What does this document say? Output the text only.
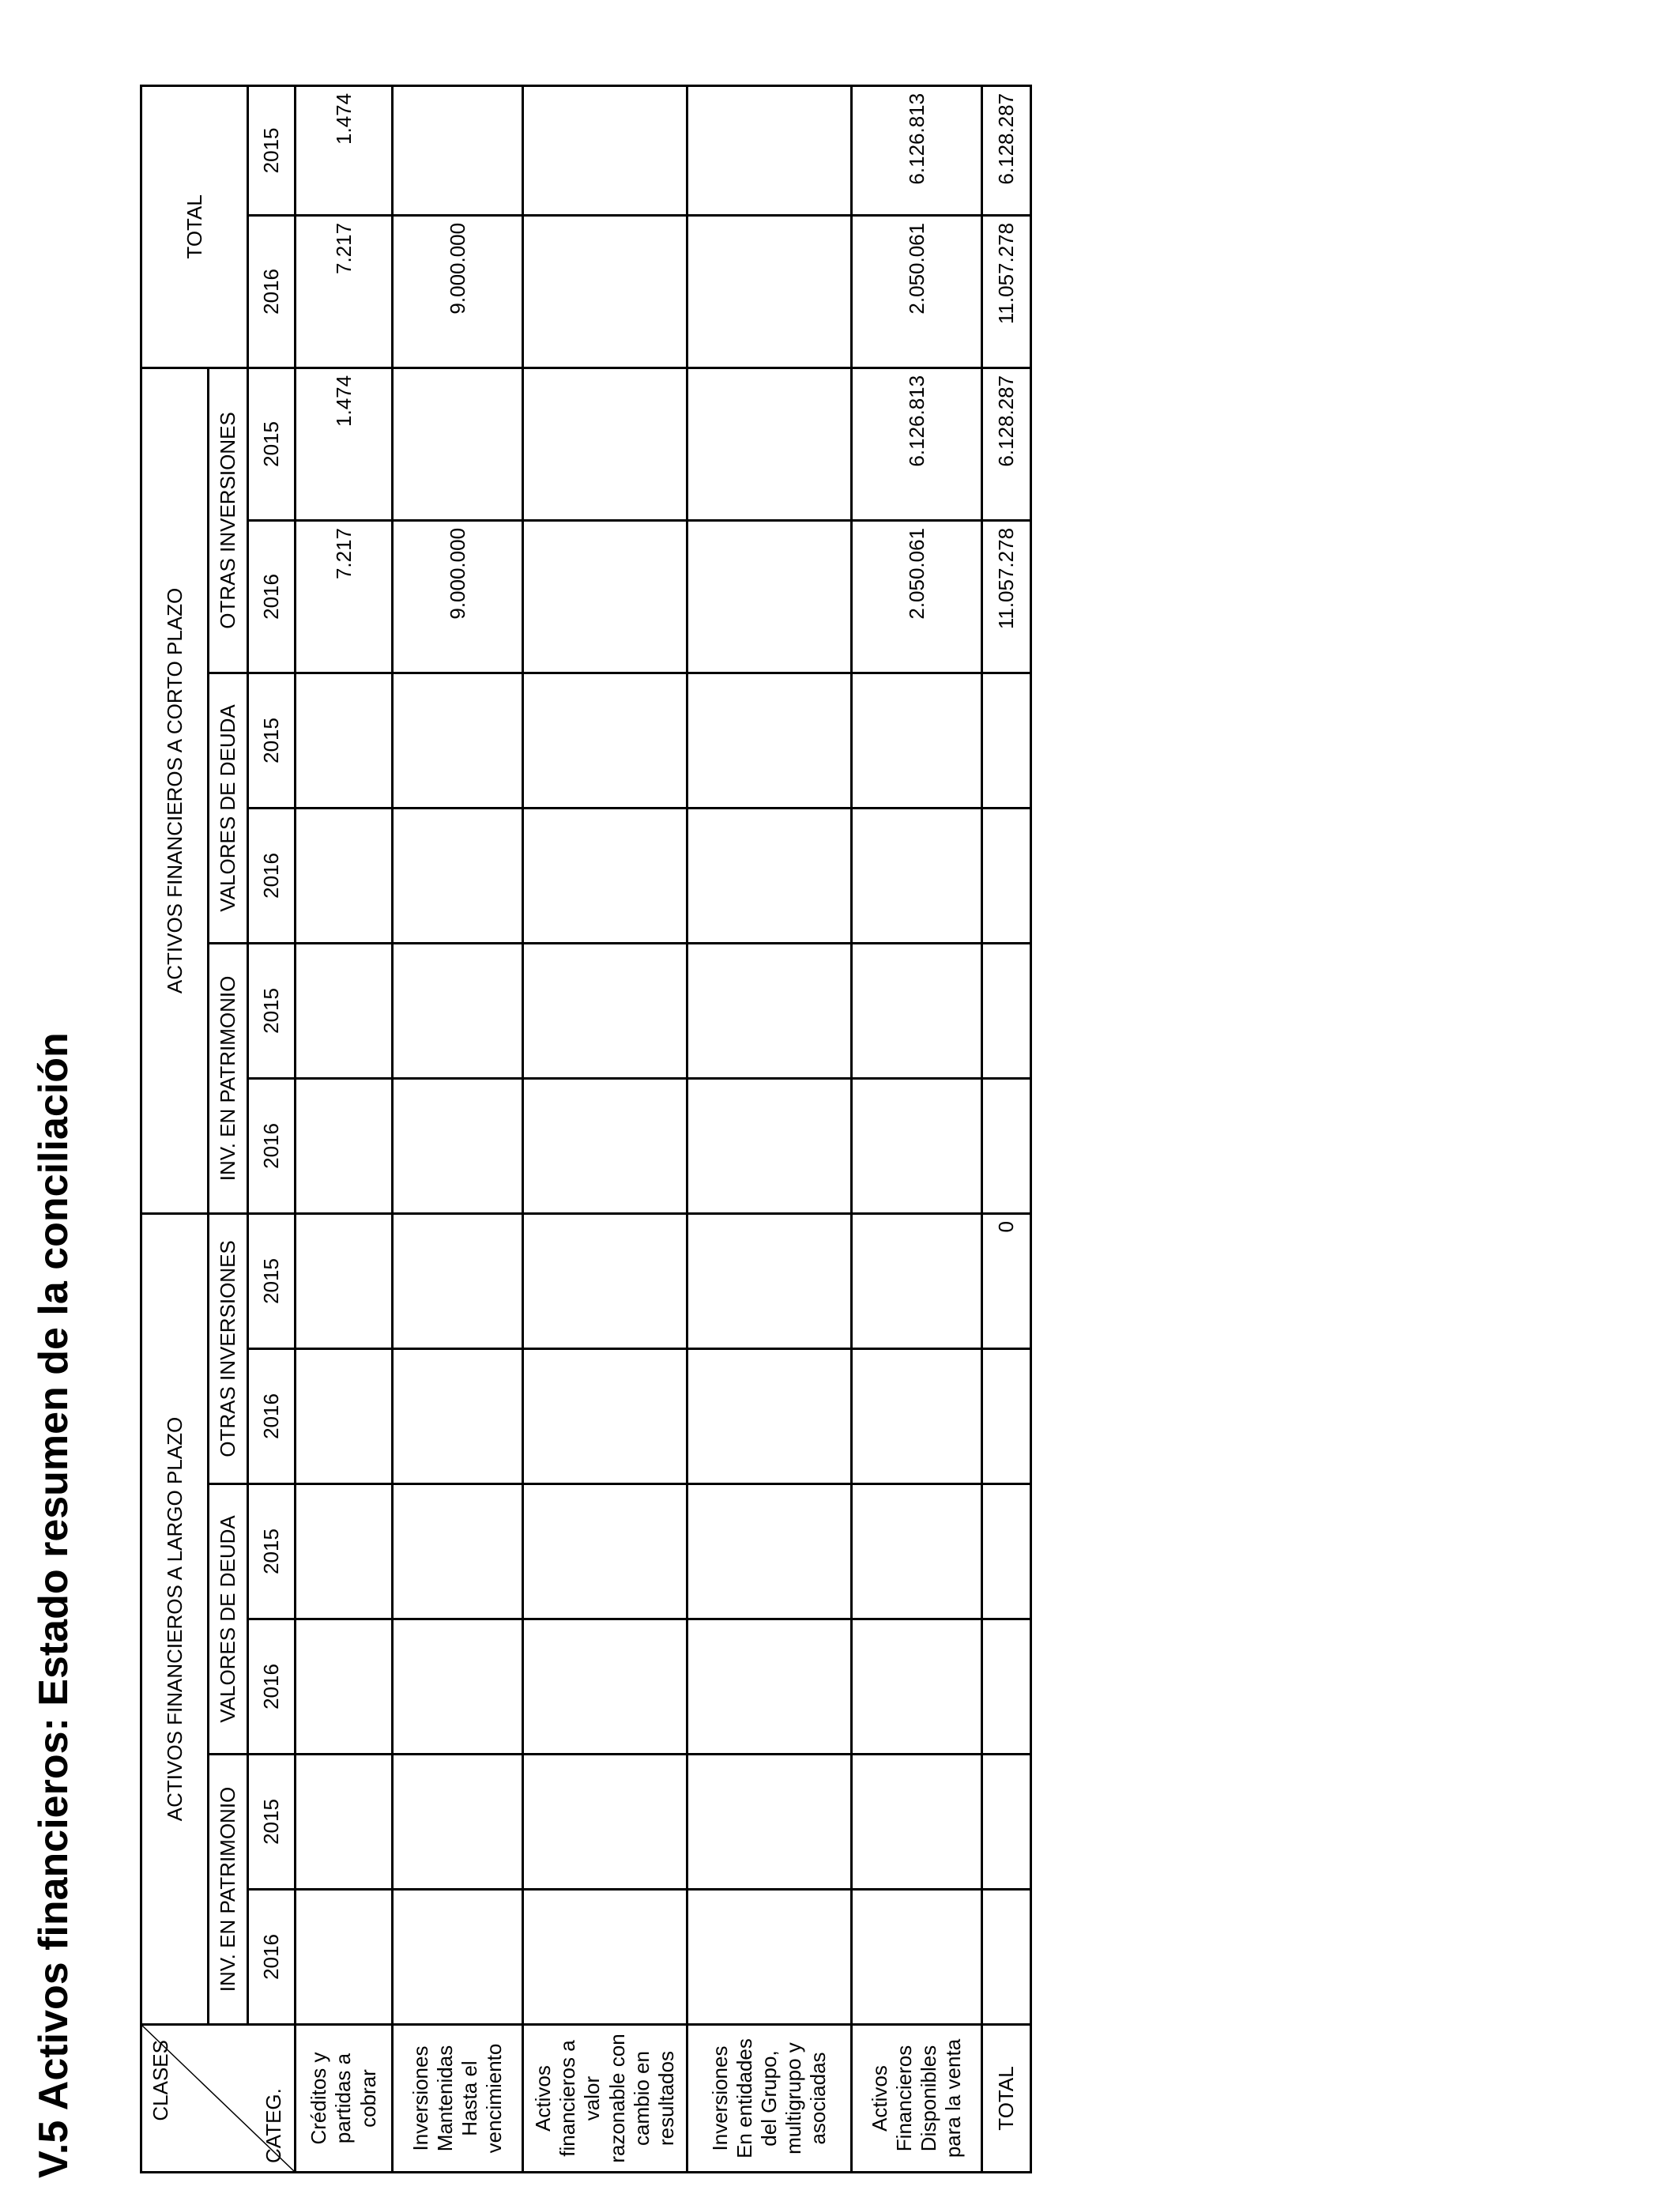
V.5 Activos financieros: Estado resumen de la conciliación	CLASES
CATEG.	ACTIVOS FINANCIEROS A LARGO PLAZO						ACTIVOS FINANCIEROS A CORTO PLAZO						TOTAL	
	INV. EN PATRIMONIO		VALORES DE DEUDA		OTRAS INVERSIONES		INV. EN PATRIMONIO		VALORES DE DEUDA		OTRAS INVERSIONES			
	2016	2015	2016	2015	2016	2015	2016	2015	2016	2015	2016	2015	2016	2015
Créditos y partidas a cobrar											7.217	1.474	7.217	1.474
Inversiones Mantenidas Hasta el vencimiento											9.000.000		9.000.000	
Activos financieros a valor razonable con cambio en resultados														
Inversiones En entidades del Grupo, multigrupo y asociadas														
Activos Financieros Disponibles para la venta											2.050.061	6.126.813	2.050.061	6.126.813
TOTAL						0					11.057.278	6.128.287	11.057.278	6.128.287
